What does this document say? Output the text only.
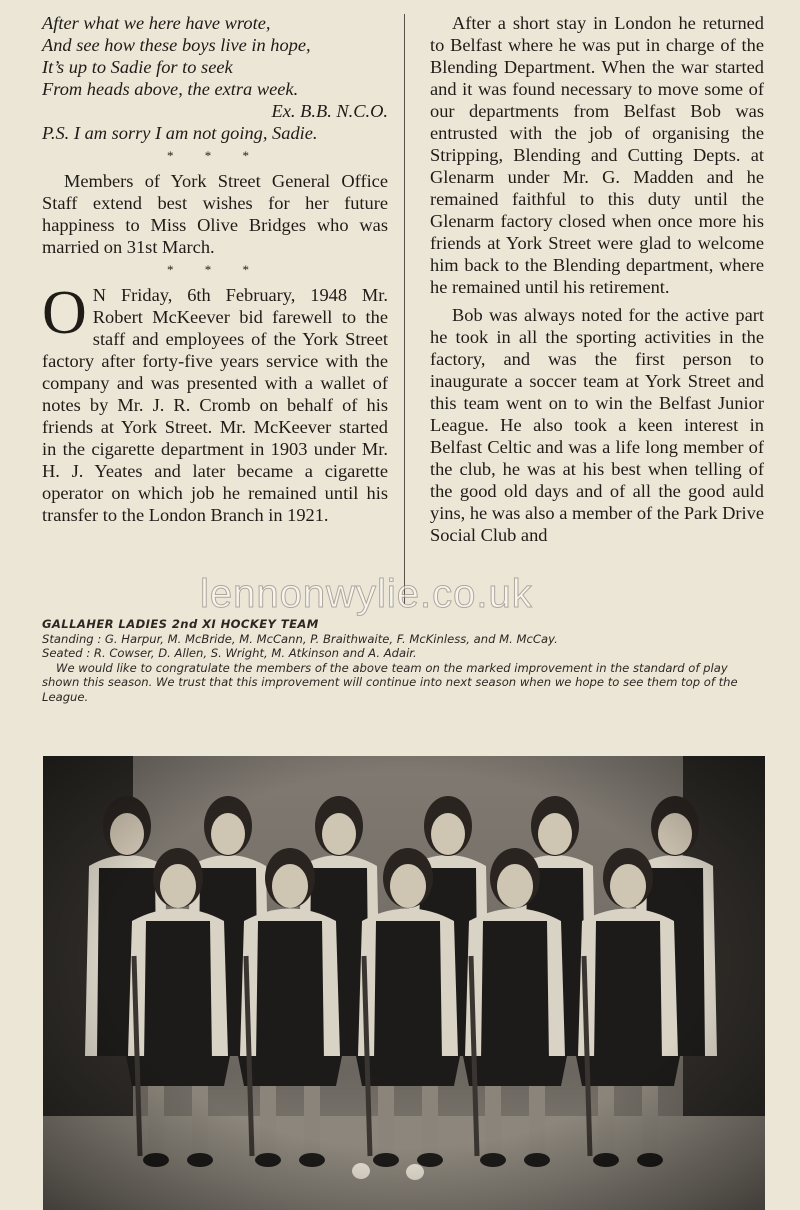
After what we here have wrote,
And see how these boys live in hope,
It’s up to Sadie for to seek
From heads above, the extra week.
Ex. B.B. N.C.O.

P.S. I am sorry I am not going, Sadie.

* * *

Members of York Street General Office Staff extend best wishes for her future happiness to Miss Olive Bridges who was married on 31st March.

* * *

O N Friday, 6th February, 1948 Mr. Robert McKeever bid farewell to the staff and employees of the York Street factory after forty-five years service with the company and was presented with a wallet of notes by Mr. J. R. Cromb on behalf of his friends at York Street. Mr. McKeever started in the cigarette department in 1903 under Mr. H. J. Yeates and later became a cigarette operator on which job he remained until his transfer to the London Branch in 1921.

After a short stay in London he returned to Belfast where he was put in charge of the Blending Department. When the war started and it was found necessary to move some of our departments from Belfast Bob was entrusted with the job of organising the Stripping, Blending and Cutting Depts. at Glenarm under Mr. G. Madden and he remained faithful to this duty until the Glenarm factory closed when once more his friends at York Street were glad to welcome him back to the Blending department, where he remained until his retirement.

Bob was always noted for the active part he took in all the sporting activities in the factory, and was the first person to inaugurate a soccer team at York Street and this team went on to win the Belfast Junior League. He also took a keen interest in Belfast Celtic and was a life long member of the club, he was at his best when telling of the good old days and of all the good auld yins, he was also a member of the Park Drive Social Club and

lennonwylie.co.uk
GALLAHER LADIES 2nd XI HOCKEY TEAM
Standing : G. Harpur, M. McBride, M. McCann, P. Braithwaite, F. McKinless, and M. McCay.
Seated : R. Cowser, D. Allen, S. Wright, M. Atkinson and A. Adair.
We would like to congratulate the members of the above team on the marked improvement in the standard of play shown this season. We trust that this improvement will continue into next season when we hope to see them top of the League.
